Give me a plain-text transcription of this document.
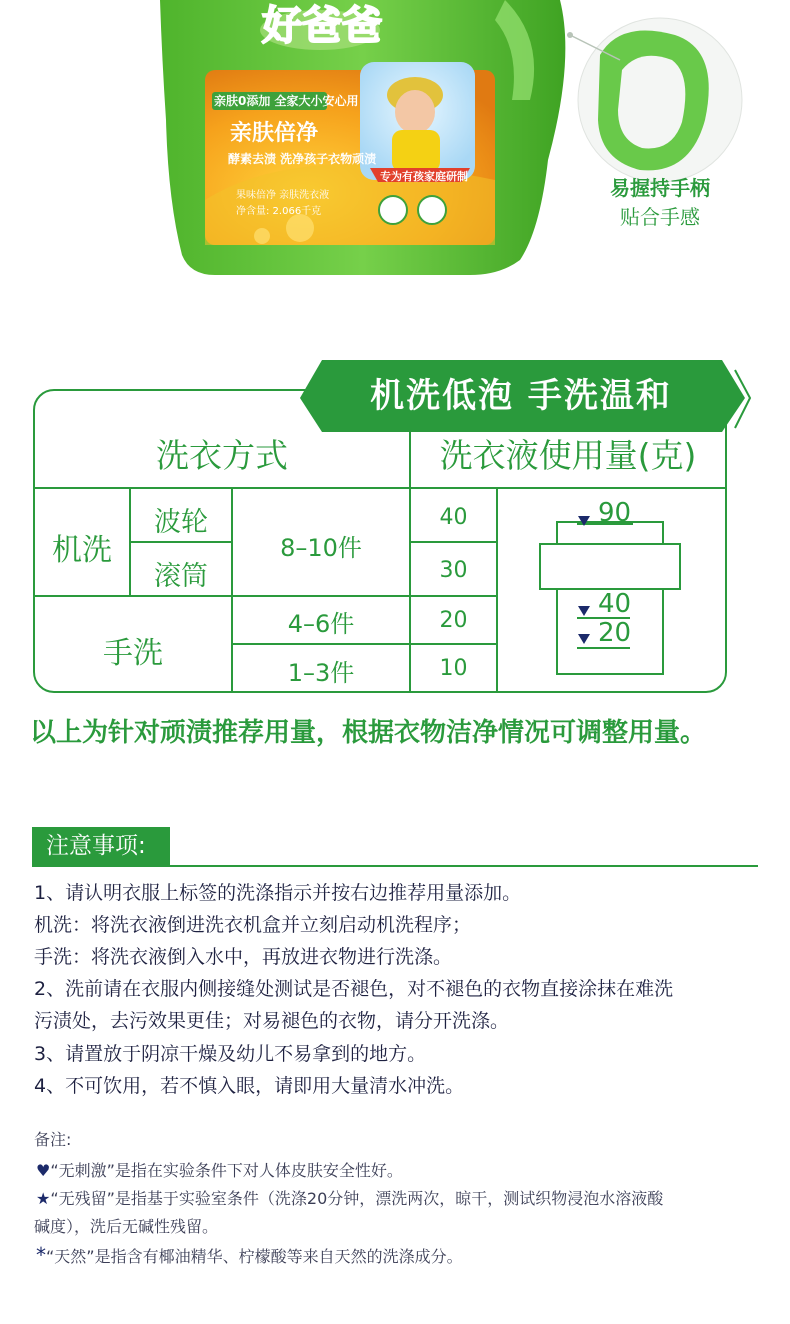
好爸爸
亲肤0添加 全家大小安心用
亲肤倍净
酵素去渍 洗净孩子衣物顽渍
专为有孩家庭研制
果味倍净 亲肤洗衣液
净含量: 2.066千克
易握持手柄
贴合手感
机洗低泡 手洗温和
洗衣方式	洗衣液使用量(克)
机洗
波轮
滚筒
8–10件
手洗
4–6件
1–3件
40
30
20
10
90
40
20
以上为针对顽渍推荐用量，根据衣物洁净情况可调整用量。
注意事项:
1、请认明衣服上标签的洗涤指示并按右边推荐用量添加。
机洗：将洗衣液倒进洗衣机盒并立刻启动机洗程序；
手洗：将洗衣液倒入水中，再放进衣物进行洗涤。
2、洗前请在衣服内侧接缝处测试是否褪色，对不褪色的衣物直接涂抹在难洗
污渍处，去污效果更佳；对易褪色的衣物，请分开洗涤。
3、请置放于阴凉干燥及幼儿不易拿到的地方。
4、不可饮用，若不慎入眼，请即用大量清水冲洗。
备注:
♥“无刺激”是指在实验条件下对人体皮肤安全性好。
★“无残留”是指基于实验室条件（洗涤20分钟，漂洗两次，晾干，测试织物浸泡水溶液酸
碱度），洗后无碱性残留。
*“天然”是指含有椰油精华、柠檬酸等来自天然的洗涤成分。
